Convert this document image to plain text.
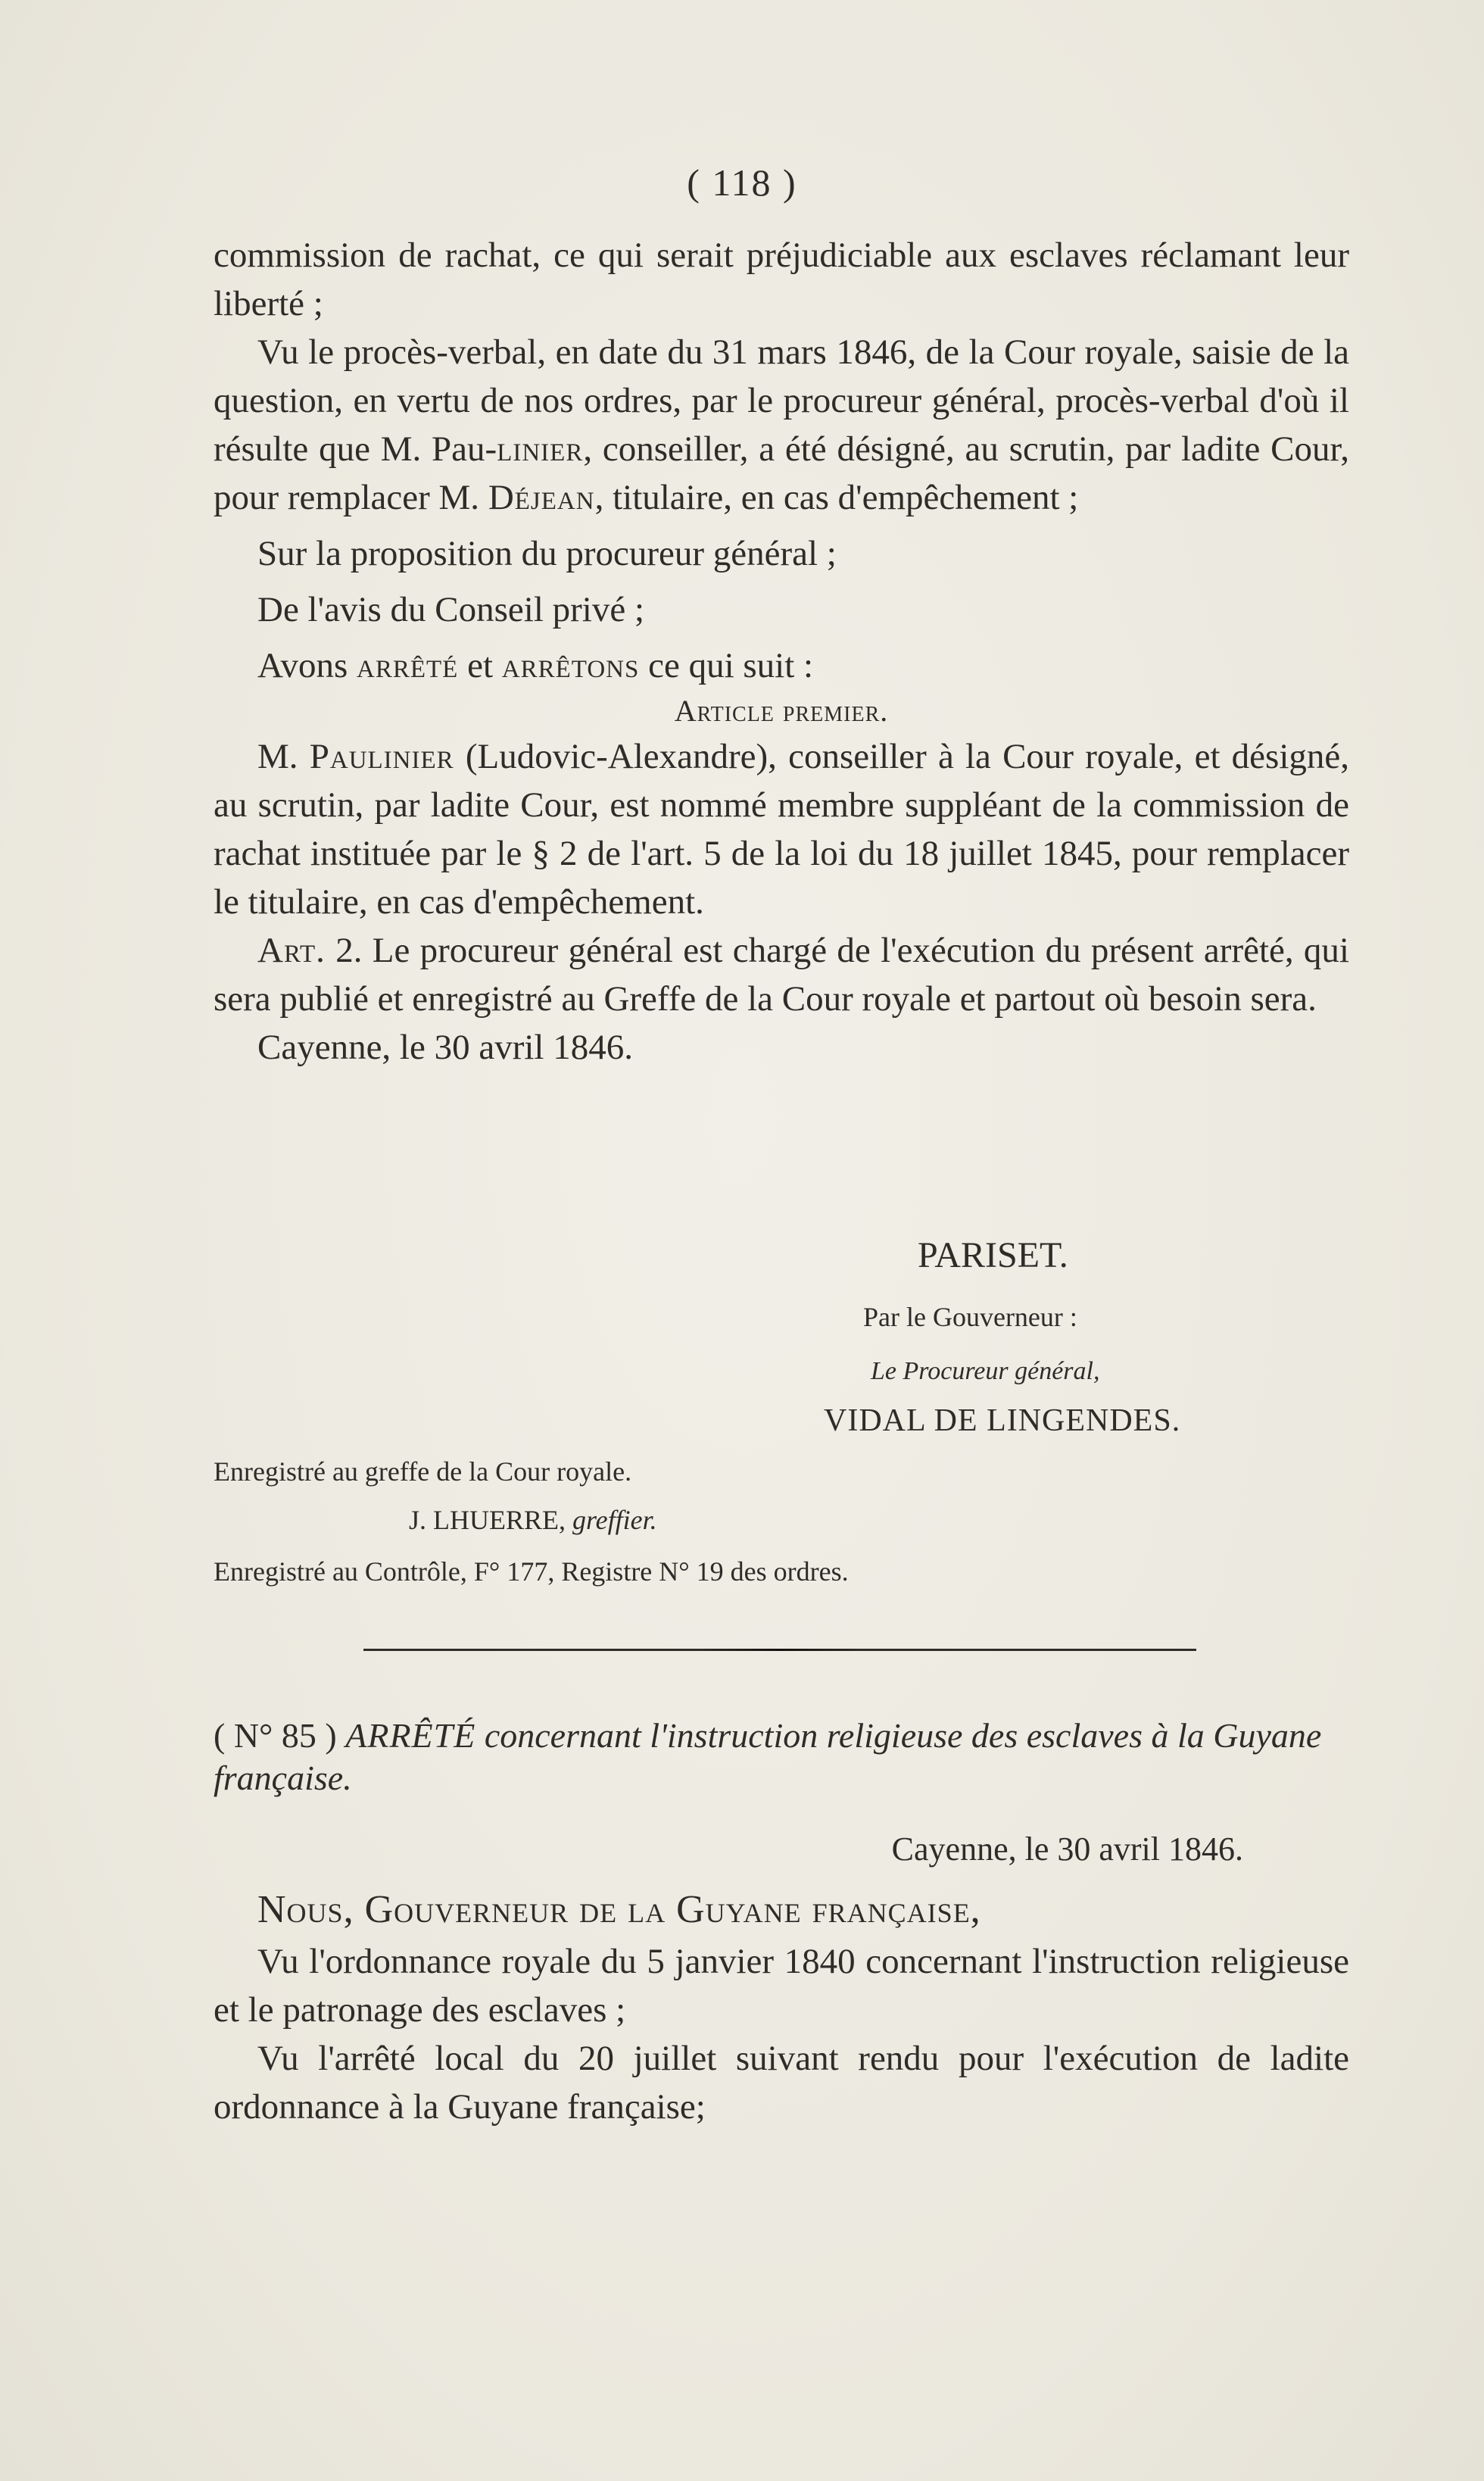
( 118 )

commission de rachat, ce qui serait préjudiciable aux esclaves réclamant leur liberté ;

Vu le procès-verbal, en date du 31 mars 1846, de la Cour royale, saisie de la question, en vertu de nos ordres, par le procureur général, procès-verbal d'où il résulte que M. Pau-linier, conseiller, a été désigné, au scrutin, par ladite Cour, pour remplacer M. Déjean, titulaire, en cas d'empêchement ;

Sur la proposition du procureur général ;

De l'avis du Conseil privé ;

Avons arrêté et arrêtons ce qui suit :

Article premier.

M. Paulinier (Ludovic-Alexandre), conseiller à la Cour royale, et désigné, au scrutin, par ladite Cour, est nommé membre suppléant de la commission de rachat instituée par le § 2 de l'art. 5 de la loi du 18 juillet 1845, pour remplacer le titulaire, en cas d'empêchement.

Art. 2. Le procureur général est chargé de l'exécution du présent arrêté, qui sera publié et enregistré au Greffe de la Cour royale et partout où besoin sera.

Cayenne, le 30 avril 1846.

PARISET.
Par le Gouverneur :
Le Procureur général,
VIDAL DE LINGENDES.
Enregistré au greffe de la Cour royale.
J. LHUERRE, greffier.
Enregistré au Contrôle, F° 177, Registre N° 19 des ordres.

( N° 85 ) ARRÊTÉ concernant l'instruction religieuse des esclaves à la Guyane française.

Cayenne, le 30 avril 1846.

Nous, Gouverneur de la Guyane française,

Vu l'ordonnance royale du 5 janvier 1840 concernant l'instruction religieuse et le patronage des esclaves ;

Vu l'arrêté local du 20 juillet suivant rendu pour l'exécution de ladite ordonnance à la Guyane française;
